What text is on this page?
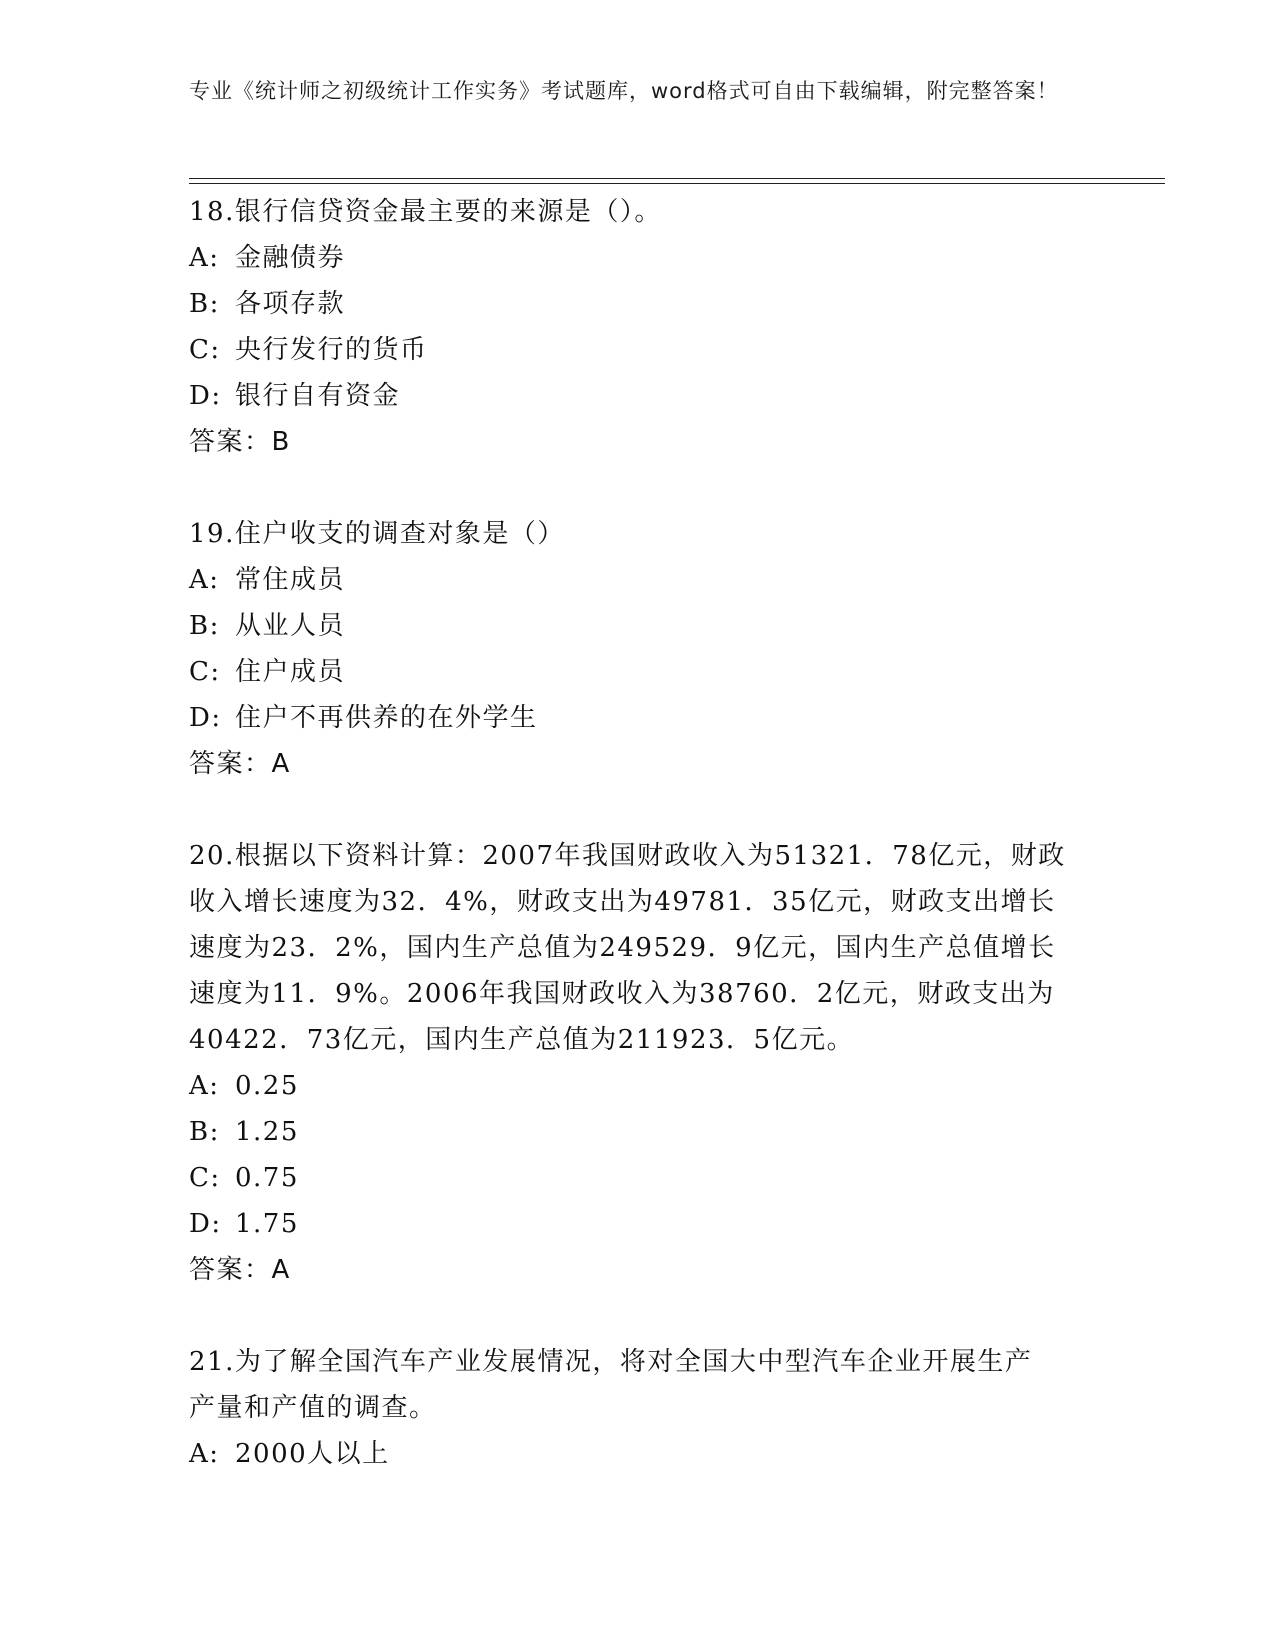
专业《统计师之初级统计工作实务》考试题库，word格式可自由下载编辑，附完整答案！
18.银行信贷资金最主要的来源是（）。
A: 金融债券
B: 各项存款
C: 央行发行的货币
D: 银行自有资金
答案：B
19.住户收支的调查对象是（）
A: 常住成员
B: 从业人员
C: 住户成员
D: 住户不再供养的在外学生
答案：A
20.根据以下资料计算：2007年我国财政收入为51321．78亿元，财政
收入增长速度为32．4%，财政支出为49781．35亿元，财政支出增长
速度为23．2%，国内生产总值为249529．9亿元，国内生产总值增长
速度为11．9%。2006年我国财政收入为38760．2亿元，财政支出为
40422．73亿元，国内生产总值为211923．5亿元。
A: 0.25
B: 1.25
C: 0.75
D: 1.75
答案：A
21.为了解全国汽车产业发展情况，将对全国大中型汽车企业开展生产
产量和产值的调查。
A: 2000人以上
